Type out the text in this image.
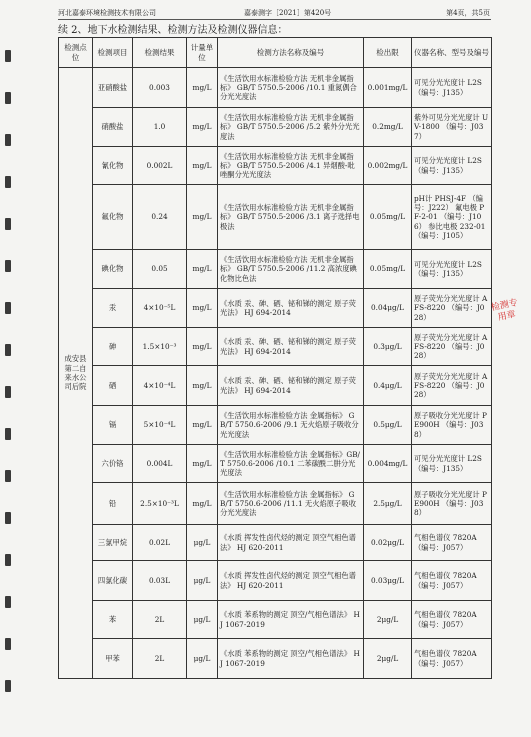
河北嘉泰环境检测技术有限公司	嘉泰测字［2021］第420号	第4页，共5页
续 2、地下水检测结果、检测方法及检测仪器信息：
检测点位	检测项目	检测结果	计量单位	检测方法名称及编号	检出限	仪器名称、型号及编号
成安县第二自来水公司后院	亚硝酸盐	0.003	mg/L	《生活饮用水标准检验方法 无机非金属指标》 GB/T 5750.5-2006 /10.1 重氮偶合分光光度法	0.001mg/L	可见分光光度计 L2S （编号：J135）
	硝酸盐	1.0	mg/L	《生活饮用水标准检验方法 无机非金属指标》 GB/T 5750.5-2006 /5.2 紫外分光光度法	0.2mg/L	紫外可见分光光度计 UV-1800 （编号：J037）
	氰化物	0.002L	mg/L	《生活饮用水标准检验方法 无机非金属指标》 GB/T 5750.5-2006 /4.1 异烟酸-吡唑酮分光光度法	0.002mg/L	可见分光光度计 L2S （编号：J135）
	氟化物	0.24	mg/L	《生活饮用水标准检验方法 无机非金属指标》 GB/T 5750.5-2006 /3.1 离子选择电极法	0.05mg/L	pH计 PHSJ-4F （编号：J222） 氟电极 PF-2-01 （编号：J106） 参比电极 232-01 （编号：J105）
	碘化物	0.05	mg/L	《生活饮用水标准检验方法 无机非金属指标》 GB/T 5750.5-2006 /11.2 高浓度碘化物比色法	0.05mg/L	可见分光光度计 L2S （编号：J135）
	汞	4×10⁻⁵L	mg/L	《水质 汞、砷、硒、铋和锑的测定 原子荧光法》 HJ 694-2014	0.04μg/L	原子荧光分光光度计 AFS-8220 （编号：J028）
	砷	1.5×10⁻³	mg/L	《水质 汞、砷、硒、铋和锑的测定 原子荧光法》 HJ 694-2014	0.3μg/L	原子荧光分光光度计 AFS-8220 （编号：J028）
	硒	4×10⁻⁴L	mg/L	《水质 汞、砷、硒、铋和锑的测定 原子荧光法》 HJ 694-2014	0.4μg/L	原子荧光分光光度计 AFS-8220 （编号：J028）
	镉	5×10⁻⁴L	mg/L	《生活饮用水标准检验方法 金属指标》 GB/T 5750.6-2006 /9.1 无火焰原子吸收分光光度法	0.5μg/L	原子吸收分光光度计 PE900H （编号：J038）
	六价铬	0.004L	mg/L	《生活饮用水标准检验方法 金属指标》GB/T 5750.6-2006 /10.1 二苯碳酰二肼分光光度法	0.004mg/L	可见分光光度计 L2S （编号：J135）
	铅	2.5×10⁻³L	mg/L	《生活饮用水标准检验方法 金属指标》 GB/T 5750.6-2006 /11.1 无火焰原子吸收分光光度法	2.5μg/L	原子吸收分光光度计 PE900H （编号：J038）
	三氯甲烷	0.02L	μg/L	《水质 挥发性卤代烃的测定 顶空气相色谱法》 HJ 620-2011	0.02μg/L	气相色谱仪 7820A （编号：J057）
	四氯化碳	0.03L	μg/L	《水质 挥发性卤代烃的测定 顶空气相色谱法》 HJ 620-2011	0.03μg/L	气相色谱仪 7820A （编号：J057）
	苯	2L	μg/L	《水质 苯系物的测定 顶空/气相色谱法》 HJ 1067-2019	2μg/L	气相色谱仪 7820A （编号：J057）
	甲苯	2L	μg/L	《水质 苯系物的测定 顶空/气相色谱法》 HJ 1067-2019	2μg/L	气相色谱仪 7820A （编号：J057）
检测专用章
